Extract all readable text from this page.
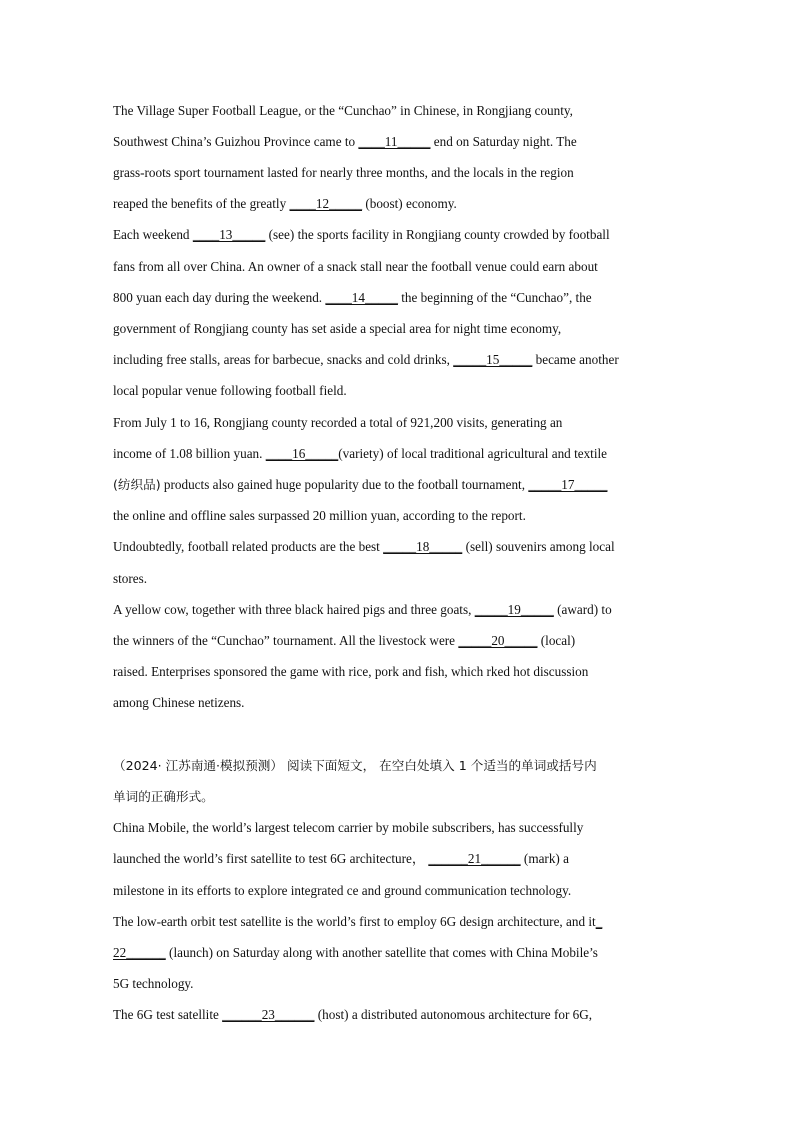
The Village Super Football League, or the “Cunchao” in Chinese, in Rongjiang county,
Southwest China’s Guizhou Province came to ____11_____ end on Saturday night. The
grass-roots sport tournament lasted for nearly three months, and the locals in the region
reaped the benefits of the greatly ____12_____ (boost) economy.
Each weekend ____13_____ (see) the sports facility in Rongjiang county crowded by football
fans from all over China. An owner of a snack stall near the football venue could earn about
800 yuan each day during the weekend. ____14_____ the beginning of the “Cunchao”, the
government of Rongjiang county has set aside a special area for night time economy,
including free stalls, areas for barbecue, snacks and cold drinks, _____15_____ became another
local popular venue following football field.
From July 1 to 16, Rongjiang county recorded a total of 921,200 visits, generating an
income of 1.08 billion yuan. ____16_____(variety) of local traditional agricultural and textile
(纺织品) products also gained huge popularity due to the football tournament, _____17_____
the online and offline sales surpassed 20 million yuan, according to the report.
Undoubtedly, football related products are the best _____18_____ (sell) souvenirs among local
stores.
A yellow cow, together with three black haired pigs and three goats, _____19_____ (award) to
the winners of the “Cunchao” tournament. All the livestock were _____20_____ (local)
raised. Enterprises sponsored the game with rice, pork and fish, which rked hot discussion
among Chinese netizens.
（2024· 江苏南通·模拟预测） 阅读下面短文， 在空白处填入 1 个适当的单词或括号内
单词的正确形式。
China Mobile, the world’s largest telecom carrier by mobile subscribers, has successfully
launched the world’s first satellite to test 6G architecture， ______21______ (mark) a
milestone in its efforts to explore integrated ce and ground communication technology.
The low-earth orbit test satellite is the world’s first to employ 6G design architecture, and it_
22______ (launch) on Saturday along with another satellite that comes with China Mobile’s
5G technology.
The 6G test satellite ______23______ (host) a distributed autonomous architecture for 6G,
